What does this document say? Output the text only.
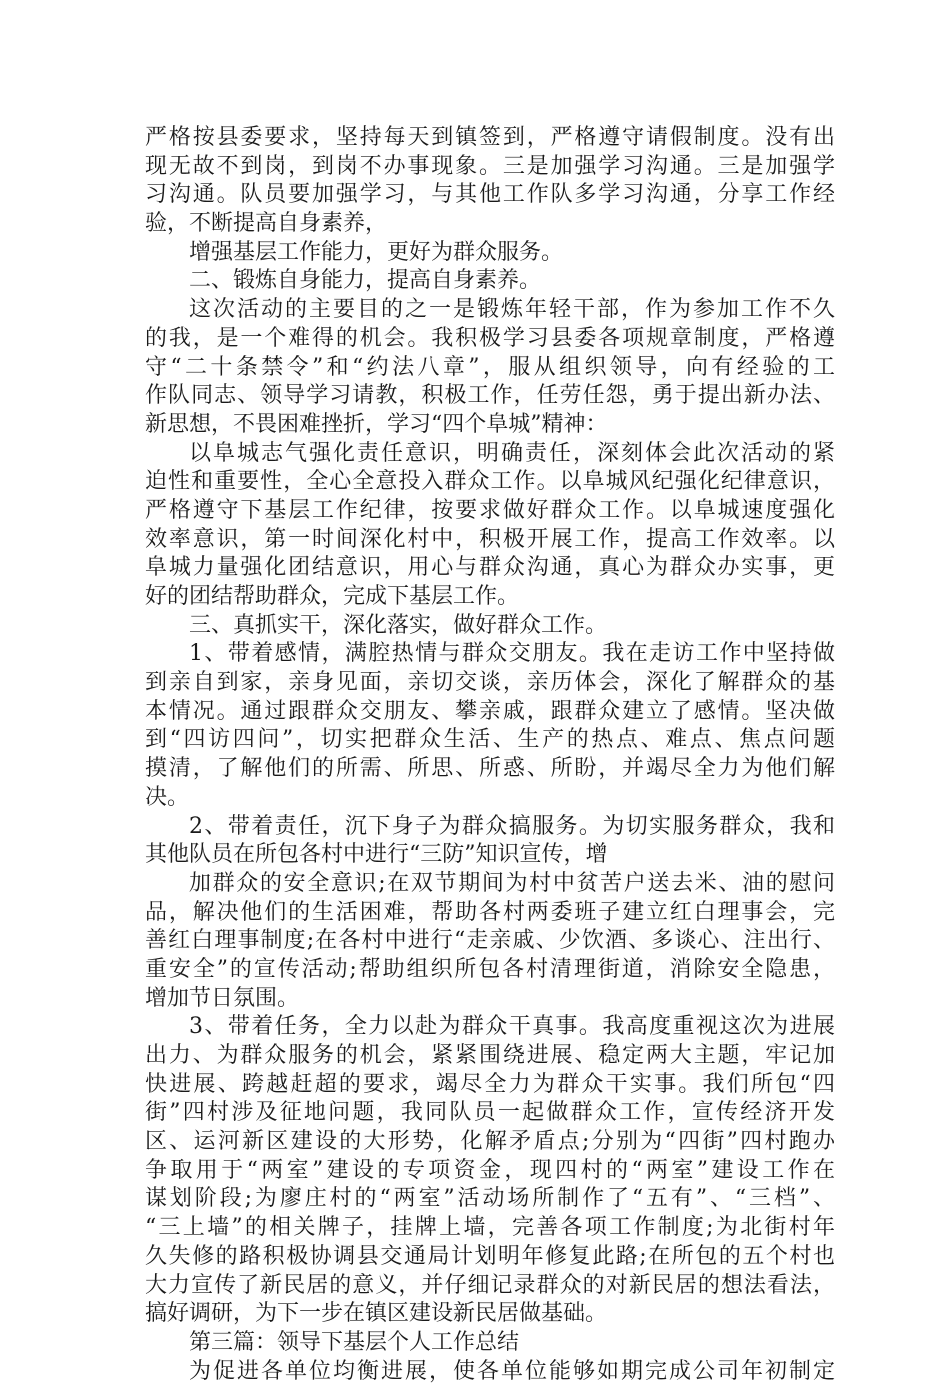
严格按县委要求，坚持每天到镇签到，严格遵守请假制度。没有出
现无故不到岗，到岗不办事现象。三是加强学习沟通。三是加强学
习沟通。队员要加强学习，与其他工作队多学习沟通，分享工作经
验，不断提高自身素养，
增强基层工作能力，更好为群众服务。
二、锻炼自身能力，提高自身素养。
这次活动的主要目的之一是锻炼年轻干部，作为参加工作不久
的我，是一个难得的机会。我积极学习县委各项规章制度，严格遵
守“二十条禁令”和“约法八章”，服从组织领导，向有经验的工
作队同志、领导学习请教，积极工作，任劳任怨，勇于提出新办法、
新思想，不畏困难挫折，学习“四个阜城”精神：
以阜城志气强化责任意识，明确责任，深刻体会此次活动的紧
迫性和重要性，全心全意投入群众工作。以阜城风纪强化纪律意识，
严格遵守下基层工作纪律，按要求做好群众工作。以阜城速度强化
效率意识，第一时间深化村中，积极开展工作，提高工作效率。以
阜城力量强化团结意识，用心与群众沟通，真心为群众办实事，更
好的团结帮助群众，完成下基层工作。
三、真抓实干，深化落实，做好群众工作。
1、带着感情，满腔热情与群众交朋友。我在走访工作中坚持做
到亲自到家，亲身见面，亲切交谈，亲历体会，深化了解群众的基
本情况。通过跟群众交朋友、攀亲戚，跟群众建立了感情。坚决做
到“四访四问”，切实把群众生活、生产的热点、难点、焦点问题
摸清，了解他们的所需、所思、所惑、所盼，并竭尽全力为他们解
决。
2、带着责任，沉下身子为群众搞服务。为切实服务群众，我和
其他队员在所包各村中进行“三防”知识宣传，增
加群众的安全意识;在双节期间为村中贫苦户送去米、油的慰问
品，解决他们的生活困难，帮助各村两委班子建立红白理事会，完
善红白理事制度;在各村中进行“走亲戚、少饮酒、多谈心、注出行、
重安全”的宣传活动;帮助组织所包各村清理街道，消除安全隐患，
增加节日氛围。
3、带着任务，全力以赴为群众干真事。我高度重视这次为进展
出力、为群众服务的机会，紧紧围绕进展、稳定两大主题，牢记加
快进展、跨越赶超的要求，竭尽全力为群众干实事。我们所包“四
街”四村涉及征地问题，我同队员一起做群众工作，宣传经济开发
区、运河新区建设的大形势，化解矛盾点;分别为“四街”四村跑办
争取用于“两室”建设的专项资金，现四村的“两室”建设工作在
谋划阶段;为廖庄村的“两室”活动场所制作了“五有”、“三档”、
“三上墙”的相关牌子，挂牌上墙，完善各项工作制度;为北街村年
久失修的路积极协调县交通局计划明年修复此路;在所包的五个村也
大力宣传了新民居的意义，并仔细记录群众的对新民居的想法看法，
搞好调研，为下一步在镇区建设新民居做基础。
第三篇：领导下基层个人工作总结
为促进各单位均衡进展，使各单位能够如期完成公司年初制定
